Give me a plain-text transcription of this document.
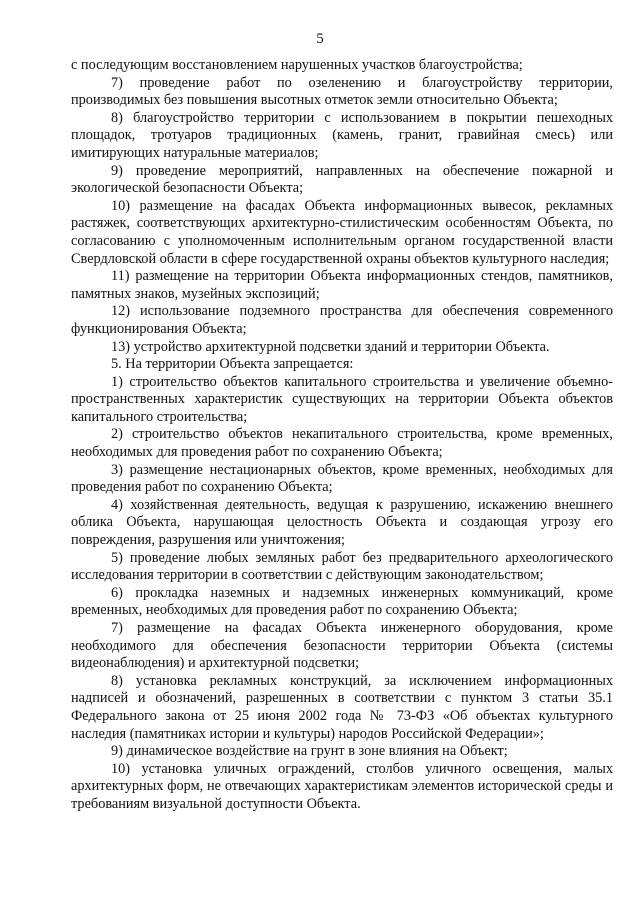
5

с последующим восстановлением нарушенных участков благоустройства;

7) проведение работ по озеленению и благоустройству территории, производимых без повышения высотных отметок земли относительно Объекта;

8) благоустройство территории с использованием в покрытии пешеходных площадок, тротуаров традиционных (камень, гранит, гравийная смесь) или имитирующих натуральные материалов;

9) проведение мероприятий, направленных на обеспечение пожарной и экологической безопасности Объекта;

10) размещение на фасадах Объекта информационных вывесок, рекламных растяжек, соответствующих архитектурно-стилистическим особенностям Объекта, по согласованию с уполномоченным исполнительным органом государственной власти Свердловской области в сфере государственной охраны объектов культурного наследия;

11) размещение на территории Объекта информационных стендов, памятников, памятных знаков, музейных экспозиций;

12) использование подземного пространства для обеспечения современного функционирования Объекта;

13) устройство архитектурной подсветки зданий и территории Объекта.

5. На территории Объекта запрещается:

1) строительство объектов капитального строительства и увеличение объемно-пространственных характеристик существующих на территории Объекта объектов капитального строительства;

2) строительство объектов некапитального строительства, кроме временных, необходимых для проведения работ по сохранению Объекта;

3) размещение нестационарных объектов, кроме временных, необходимых для проведения работ по сохранению Объекта;

4) хозяйственная деятельность, ведущая к разрушению, искажению внешнего облика Объекта, нарушающая целостность Объекта и создающая угрозу его повреждения, разрушения или уничтожения;

5) проведение любых земляных работ без предварительного археологического исследования территории в соответствии с действующим законодательством;

6) прокладка наземных и надземных инженерных коммуникаций, кроме временных, необходимых для проведения работ по сохранению Объекта;

7) размещение на фасадах Объекта инженерного оборудования, кроме необходимого для обеспечения безопасности территории Объекта (системы видеонаблюдения) и архитектурной подсветки;

8) установка рекламных конструкций, за исключением информационных надписей и обозначений, разрешенных в соответствии с пунктом 3 статьи 35.1 Федерального закона от 25 июня 2002 года № 73-ФЗ «Об объектах культурного наследия (памятниках истории и культуры) народов Российской Федерации»;

9) динамическое воздействие на грунт в зоне влияния на Объект;

10) установка уличных ограждений, столбов уличного освещения, малых архитектурных форм, не отвечающих характеристикам элементов исторической среды и требованиям визуальной доступности Объекта.
